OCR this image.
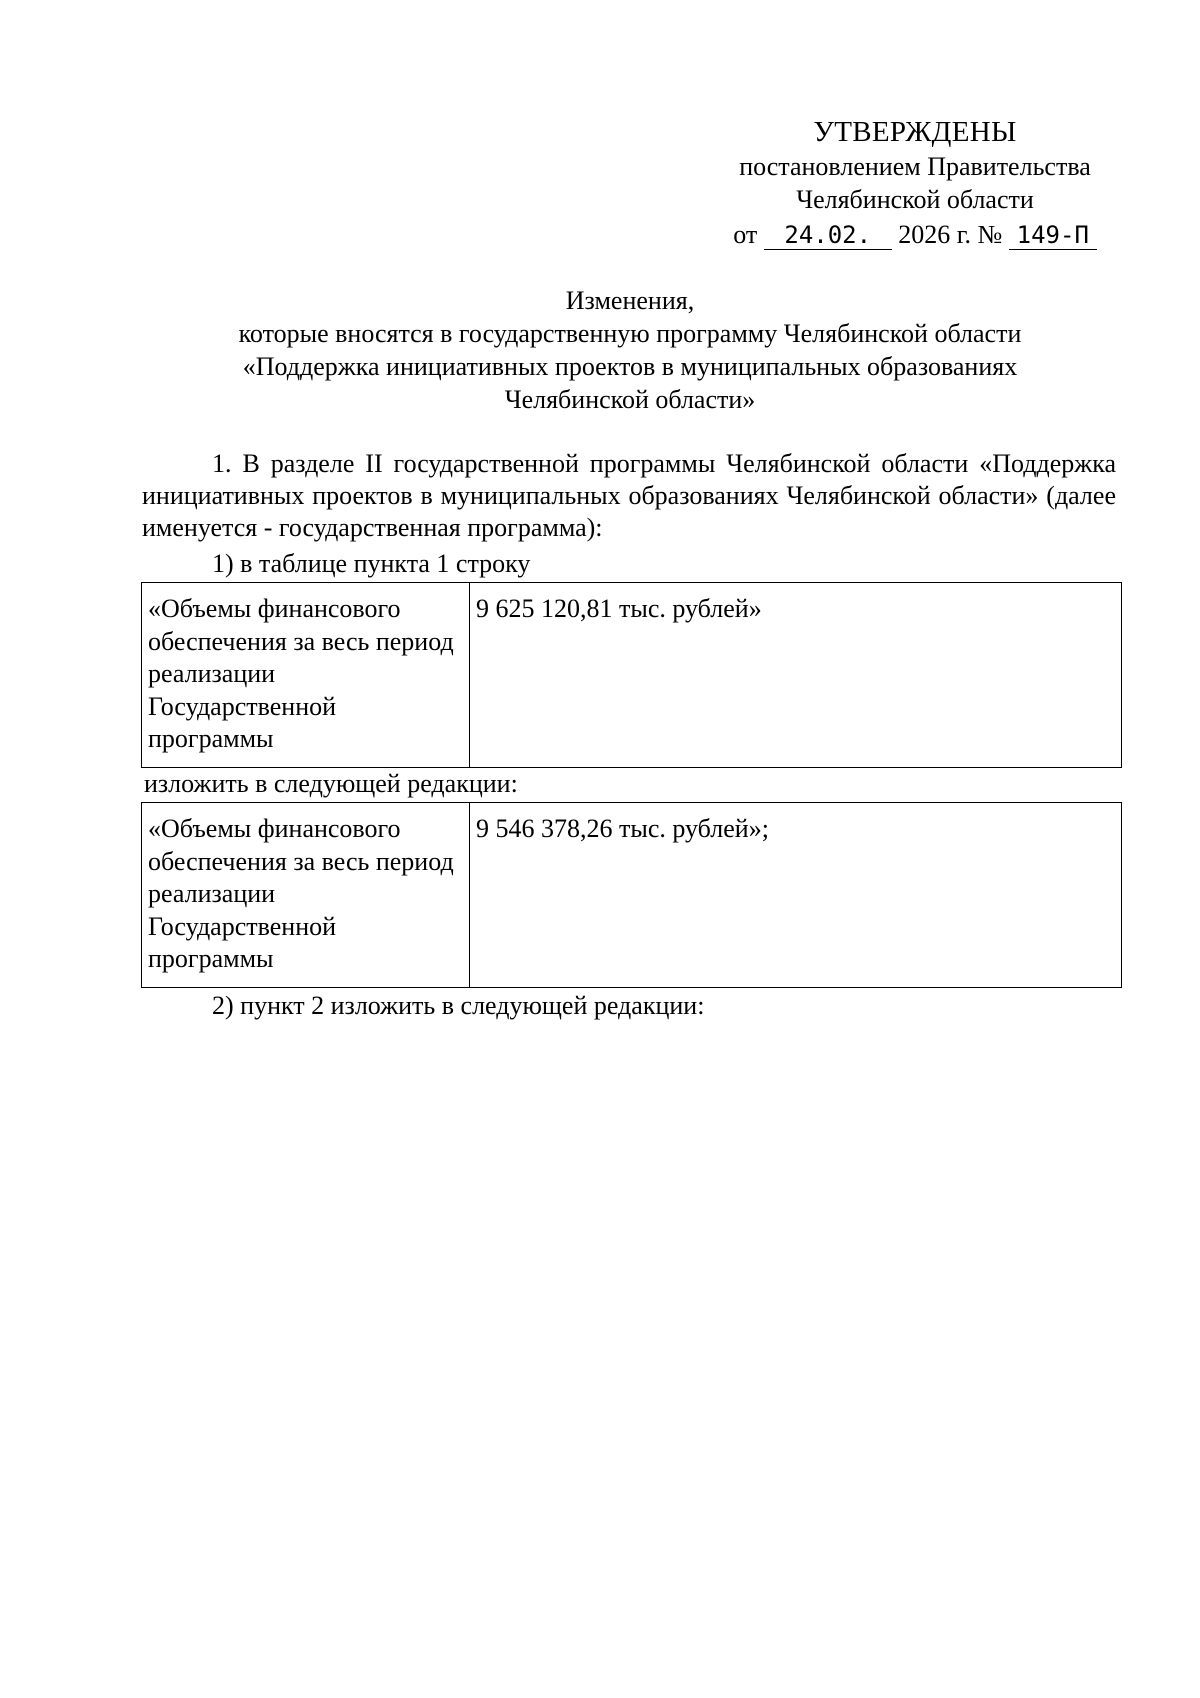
УТВЕРЖДЕНЫ
постановлением Правительства
Челябинской области
от 24.02. 2026 г. № 149-П
Изменения,
которые вносятся в государственную программу Челябинской области
«Поддержка инициативных проектов в муниципальных образованиях
Челябинской области»
1. В разделе II государственной программы Челябинской области «Поддержка инициативных проектов в муниципальных образованиях Челябинской области» (далее именуется - государственная программа):
1) в таблице пункта 1 строку
«Объемы финансового обеспечения за весь период реализации Государственной программы	9 625 120,81 тыс. рублей»
изложить в следующей редакции:
«Объемы финансового обеспечения за весь период реализации Государственной программы	9 546 378,26 тыс. рублей»;
2) пункт 2 изложить в следующей редакции:
